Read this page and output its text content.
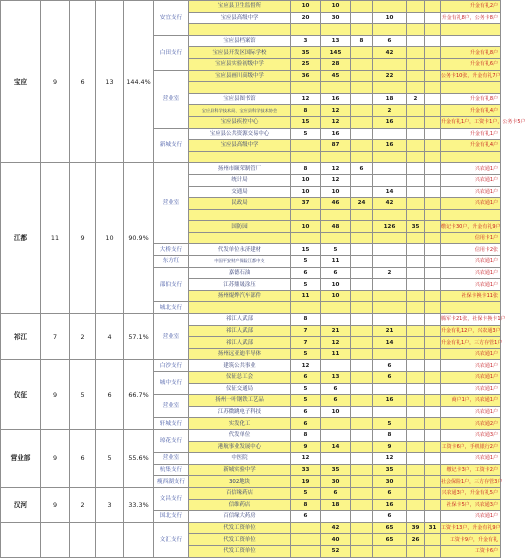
宝应	9	6	13	144.4%	安宜支行	宝应县卫生监督所	10	10					升金有礼2户
						宝应县高级中学	20	30		10			升金有礼8户，公务卡8户

					白田支行	宝应县档案馆	3	13	8	6			
						宝应县开发区国际学校	35	145		42			升金有礼8户
						宝应县实验初级中学	25	28					升金有礼6户
					营业室	宝应县画川高级中学	36	45		22			公务卡10张，升金有礼7户

						宝应县图书馆	12	16		18	2		升金有礼8户
						宝应县科学技术局、宝应县科学技术协会	8	12		2			升金有礼4户
						宝应县疾控中心	15	12		16			升金有礼1户，工资卡1户，公务卡5户
					新城支行	宝应县公共资源交易中心	5	16					升金有礼1户
						宝应县高级中学		87		16			升金有礼4户

江都	11	9	10	90.9%	营业室	扬州市颐荣制管厂	8	12	6				兴农通1户
						统计局	10	12					兴农通1户
						交通局	10	10		14			兴农通1户
						民政局	37	46	24	42			兴农通1户

						国防园	10	48		126	35		缴记卡30户，升金有礼9户
													信用卡1户
					大桥支行	代发单位永济建材	15	5					信用卡2张
					东方红	中国平安财产保险江都中支	5	11					兴农通1户
					邵伯支行	嘉德石油	6	6		2			兴农通1户
						江苏鼎晟涂压	5	10					兴农通1户
						扬州焜烨汽车部件	11	10					社保卡换卡11张
					城北支行								
祁江	7	2	4	57.1%	营业室	祁江人武部	8						腾军卡21张，社保卡换卡1户
						祁江人武部	7	21		21			升金有礼12户，兴农通3户
						祁江人武部	7	12		14			升金有礼1户，三方存管1户
						扬州远亚迪半导体	5	11					兴农通1户
仪征	9	5	6	66.7%	白沙支行	建筑公共事业	12			6			兴农通1户
					城中支行	仪征总工会	6	13		6			兴农通1户
						仪征交通局	5	6					兴农通1户
					营业室	扬州一叶钢铁工艺品	5	6		16			商户1户，兴农通1户
						江苏微跳电子科技	6	10					兴农通1户
					轩城支行	实发化工	6			5			兴农通2户
营业部	9	6	5	55.6%	琼花支行	代发单位	8			8			兴农通3户
						港航事业发展中心	9	14		9			工资卡6户，手机银行2户
					营业室	中医院	12			12			兴农通1户
					杭集支行	新城实验中学	33	35		35			缴记卡3户，工资卡2户
					瘦西湖支行	302地块	19	30		30			社会保险1户，三方存管3户
汉河	9	2	3	33.3%	文昌支行	百信缘药店	5	6		6			兴农通3户，升金有礼5户
						信维药店	8	18		16			社保卡5户，兴农通3户
					国北支行	百信缘大药房	6			6			兴农通1户
					文汇支行	代发工资单位		42		65	39	31	工资卡13户，升金有礼9户
						代发工资单位		40		65	26		工资卡9户，升金有礼
						代发工资单位		52					工资卡6户
